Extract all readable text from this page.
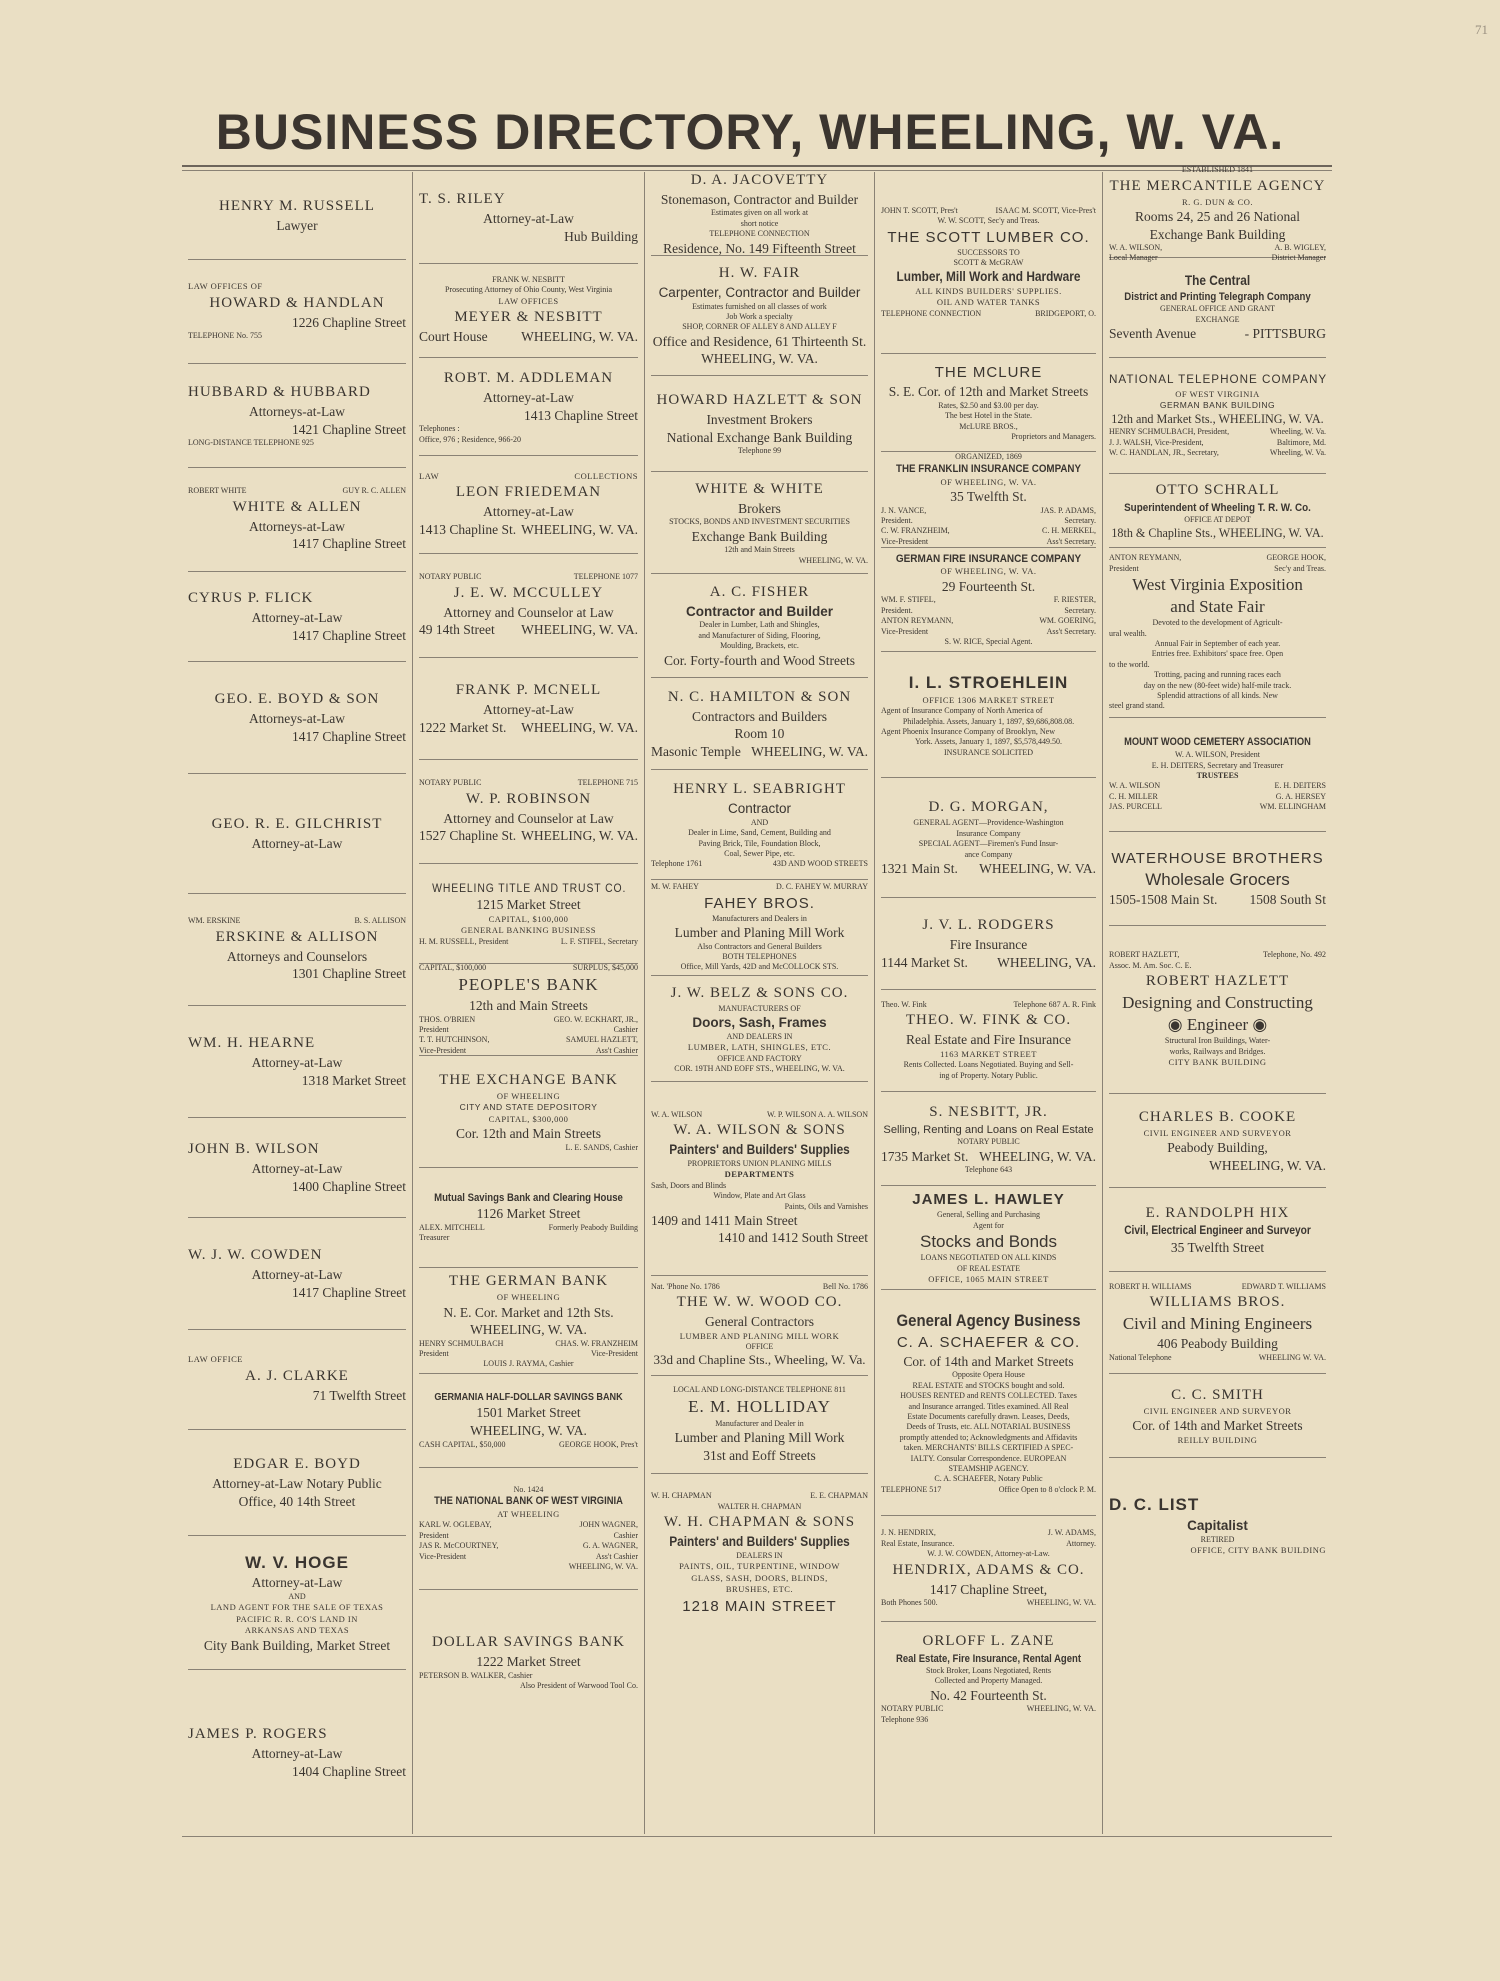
71
BUSINESS DIRECTORY, WHEELING, W. VA.
HENRY M. RUSSELL
Lawyer
LAW OFFICES OF
HOWARD & HANDLAN
1226 Chapline Street
TELEPHONE No. 755
HUBBARD & HUBBARD
Attorneys-at-Law
1421 Chapline Street
LONG-DISTANCE TELEPHONE 925
ROBERT WHITE	GUY R. C. ALLEN
WHITE & ALLEN
Attorneys-at-Law
1417 Chapline Street
CYRUS P. FLICK
Attorney-at-Law
1417 Chapline Street
GEO. E. BOYD & SON
Attorneys-at-Law
1417 Chapline Street
GEO. R. E. GILCHRIST
Attorney-at-Law
WM. ERSKINE	B. S. ALLISON
ERSKINE & ALLISON
Attorneys and Counselors
1301 Chapline Street
WM. H. HEARNE
Attorney-at-Law
1318 Market Street
JOHN B. WILSON
Attorney-at-Law
1400 Chapline Street
W. J. W. COWDEN
Attorney-at-Law
1417 Chapline Street
LAW OFFICE
A. J. CLARKE
71 Twelfth Street
EDGAR E. BOYD
Attorney-at-Law Notary Public
Office, 40 14th Street
W. V. HOGE
Attorney-at-Law
AND
LAND AGENT FOR THE SALE OF TEXAS
PACIFIC R. R. CO'S LAND IN
ARKANSAS AND TEXAS
City Bank Building, Market Street
JAMES P. ROGERS
Attorney-at-Law
1404 Chapline Street
T. S. RILEY
Attorney-at-Law
Hub Building
FRANK W. NESBITT
Prosecuting Attorney of Ohio County, West Virginia
LAW OFFICES
MEYER & NESBITT
Court House WHEELING, W. VA.
ROBT. M. ADDLEMAN
Attorney-at-Law
1413 Chapline Street
Telephones :
Office, 976 ; Residence, 966-20
LAW	COLLECTIONS
LEON FRIEDEMAN
Attorney-at-Law
1413 Chapline St. WHEELING, W. VA.
NOTARY PUBLIC	TELEPHONE 1077
J. E. W. MCCULLEY
Attorney and Counselor at Law
49 14th Street WHEELING, W. VA.
FRANK P. MCNELL
Attorney-at-Law
1222 Market St. WHEELING, W. VA.
NOTARY PUBLIC	TELEPHONE 715
W. P. ROBINSON
Attorney and Counselor at Law
1527 Chapline St. WHEELING, W. VA.
WHEELING TITLE AND TRUST CO.
1215 Market Street
CAPITAL, $100,000
GENERAL BANKING BUSINESS
H. M. RUSSELL, President	L. F. STIFEL, Secretary
CAPITAL, $100,000	SURPLUS, $45,000
PEOPLE'S BANK
12th and Main Streets
THOS. O'BRIEN	GEO. W. ECKHART, JR.,
President	Cashier
T. T. HUTCHINSON,	SAMUEL HAZLETT,
Vice-President	Ass't Cashier
THE EXCHANGE BANK
OF WHEELING
CITY AND STATE DEPOSITORY
CAPITAL, $300,000
Cor. 12th and Main Streets
L. E. SANDS, Cashier
Mutual Savings Bank and Clearing House
1126 Market Street
ALEX. MITCHELL	Formerly Peabody Building
Treasurer
THE GERMAN BANK
OF WHEELING
N. E. Cor. Market and 12th Sts.
WHEELING, W. VA.
HENRY SCHMULBACH	CHAS. W. FRANZHEIM
President	Vice-President
LOUIS J. RAYMA, Cashier
GERMANIA HALF-DOLLAR SAVINGS BANK
1501 Market Street
WHEELING, W. VA.
CASH CAPITAL, $50,000	GEORGE HOOK, Pres't
No. 1424
THE NATIONAL BANK OF WEST VIRGINIA
AT WHEELING
KARL W. OGLEBAY,	JOHN WAGNER,
President	Cashier
JAS R. McCOURTNEY,	G. A. WAGNER,
Vice-President	Ass't Cashier
WHEELING, W. VA.
DOLLAR SAVINGS BANK
1222 Market Street
PETERSON B. WALKER, Cashier
Also President of Warwood Tool Co.
D. A. JACOVETTY
Stonemason, Contractor and Builder
Estimates given on all work at
short notice
TELEPHONE CONNECTION
Residence, No. 149 Fifteenth Street
H. W. FAIR
Carpenter, Contractor and Builder
Estimates furnished on all classes of work
Job Work a specialty
SHOP, CORNER OF ALLEY 8 AND ALLEY F
Office and Residence, 61 Thirteenth St.
WHEELING, W. VA.
HOWARD HAZLETT & SON
Investment Brokers
National Exchange Bank Building
Telephone 99
WHITE & WHITE
Brokers
STOCKS, BONDS AND INVESTMENT SECURITIES
Exchange Bank Building
12th and Main Streets
WHEELING, W. VA.
A. C. FISHER
Contractor and Builder
Dealer in Lumber, Lath and Shingles,
and Manufacturer of Siding, Flooring,
Moulding, Brackets, etc.
Cor. Forty-fourth and Wood Streets
N. C. HAMILTON & SON
Contractors and Builders
Room 10
Masonic Temple WHEELING, W. VA.
HENRY L. SEABRIGHT
Contractor
AND
Dealer in Lime, Sand, Cement, Building and
Paving Brick, Tile, Foundation Block,
Coal, Sewer Pipe, etc.
Telephone 1761	43D AND WOOD STREETS
M. W. FAHEY	D. C. FAHEY W. MURRAY
FAHEY BROS.
Manufacturers and Dealers in
Lumber and Planing Mill Work
Also Contractors and General Builders
BOTH TELEPHONES
Office, Mill Yards, 42D and McCOLLOCK STS.
J. W. BELZ & SONS CO.
MANUFACTURERS OF
Doors, Sash, Frames
AND DEALERS IN
LUMBER, LATH, SHINGLES, ETC.
OFFICE AND FACTORY
COR. 19TH AND EOFF STS., WHEELING, W. VA.
W. A. WILSON	W. P. WILSON A. A. WILSON
W. A. WILSON & SONS
Painters' and Builders' Supplies
PROPRIETORS UNION PLANING MILLS
DEPARTMENTS
Sash, Doors and Blinds
Window, Plate and Art Glass
Paints, Oils and Varnishes
1409 and 1411 Main Street
1410 and 1412 South Street
Nat. 'Phone No. 1786	Bell No. 1786
THE W. W. WOOD CO.
General Contractors
LUMBER AND PLANING MILL WORK
OFFICE
33d and Chapline Sts., Wheeling, W. Va.
LOCAL AND LONG-DISTANCE TELEPHONE 811
E. M. HOLLIDAY
Manufacturer and Dealer in
Lumber and Planing Mill Work
31st and Eoff Streets
W. H. CHAPMAN	E. E. CHAPMAN
WALTER H. CHAPMAN
W. H. CHAPMAN & SONS
Painters' and Builders' Supplies
DEALERS IN
PAINTS, OIL, TURPENTINE, WINDOW
GLASS, SASH, DOORS, BLINDS,
BRUSHES, ETC.
1218 MAIN STREET
JOHN T. SCOTT, Pres't	ISAAC M. SCOTT, Vice-Pres't
W. W. SCOTT, Sec'y and Treas.
THE SCOTT LUMBER CO.
SUCCESSORS TO
SCOTT & McGRAW
Lumber, Mill Work and Hardware
ALL KINDS BUILDERS' SUPPLIES.
OIL AND WATER TANKS
TELEPHONE CONNECTION	BRIDGEPORT, O.
THE MCLURE
S. E. Cor. of 12th and Market Streets
Rates, $2.50 and $3.00 per day.
The best Hotel in the State.
McLURE BROS.,
Proprietors and Managers.
ORGANIZED, 1869
THE FRANKLIN INSURANCE COMPANY
OF WHEELING, W. VA.
35 Twelfth St.
J. N. VANCE,	JAS. P. ADAMS,
President.	Secretary.
C. W. FRANZHEIM,	C. H. MERKEL,
Vice-President	Ass't Secretary.
GERMAN FIRE INSURANCE COMPANY
OF WHEELING, W. VA.
29 Fourteenth St.
WM. F. STIFEL,	F. RIESTER,
President.	Secretary.
ANTON REYMANN,	WM. GOERING,
Vice-President	Ass't Secretary.
S. W. RICE, Special Agent.
I. L. STROEHLEIN
OFFICE 1306 MARKET STREET
Agent of Insurance Company of North America of
Philadelphia. Assets, January 1, 1897, $9,686,808.08.
Agent Phoenix Insurance Company of Brooklyn, New
York. Assets, January 1, 1897, $5,578,449.50.
INSURANCE SOLICITED
D. G. MORGAN,
GENERAL AGENT—Providence-Washington
Insurance Company
SPECIAL AGENT—Firemen's Fund Insur-
ance Company
1321 Main St. WHEELING, W. VA.
J. V. L. RODGERS
Fire Insurance
1144 Market St. WHEELING, VA.
Theo. W. Fink	Telephone 687 A. R. Fink
THEO. W. FINK & CO.
Real Estate and Fire Insurance
1163 MARKET STREET
Rents Collected. Loans Negotiated. Buying and Sell-
ing of Property. Notary Public.
S. NESBITT, JR.
Selling, Renting and Loans on Real Estate
NOTARY PUBLIC
1735 Market St. WHEELING, W. VA.
Telephone 643
JAMES L. HAWLEY
General, Selling and Purchasing
Agent for
Stocks and Bonds
LOANS NEGOTIATED ON ALL KINDS
OF REAL ESTATE
OFFICE, 1065 MAIN STREET
General Agency Business
C. A. SCHAEFER & CO.
Cor. of 14th and Market Streets
Opposite Opera House
REAL ESTATE and STOCKS bought and sold.
HOUSES RENTED and RENTS COLLECTED. Taxes
and Insurance arranged. Titles examined. All Real
Estate Documents carefully drawn. Leases, Deeds,
Deeds of Trusts, etc. ALL NOTARIAL BUSINESS
promptly attended to; Acknowledgments and Affidavits
taken. MERCHANTS' BILLS CERTIFIED A SPEC-
IALTY. Consular Correspondence. EUROPEAN
STEAMSHIP AGENCY.
C. A. SCHAEFER, Notary Public
TELEPHONE 517	Office Open to 8 o'clock P. M.
J. N. HENDRIX,	J. W. ADAMS,
Real Estate, Insurance.	Attorney.
W. J. W. COWDEN, Attorney-at-Law.
HENDRIX, ADAMS & CO.
1417 Chapline Street,
Both Phones 500.	WHEELING, W. VA.
ORLOFF L. ZANE
Real Estate, Fire Insurance, Rental Agent
Stock Broker, Loans Negotiated, Rents
Collected and Property Managed.
No. 42 Fourteenth St.
NOTARY PUBLIC	WHEELING, W. VA.
Telephone 936
ESTABLISHED 1841
THE MERCANTILE AGENCY
R. G. DUN & CO.
Rooms 24, 25 and 26 National
Exchange Bank Building
W. A. WILSON,	A. B. WIGLEY,
Local Manager	District Manager
The Central
District and Printing Telegraph Company
GENERAL OFFICE AND GRANT
EXCHANGE
Seventh Avenue	- PITTSBURG
NATIONAL TELEPHONE COMPANY
OF WEST VIRGINIA
GERMAN BANK BUILDING
12th and Market Sts., WHEELING, W. VA.
HENRY SCHMULBACH, President,	Wheeling, W. Va.
J. J. WALSH, Vice-President,	Baltimore, Md.
W. C. HANDLAN, JR., Secretary,	Wheeling, W. Va.
OTTO SCHRALL
Superintendent of Wheeling T. R. W. Co.
OFFICE AT DEPOT
18th & Chapline Sts., WHEELING, W. VA.
ANTON REYMANN,	GEORGE HOOK,
President	Sec'y and Treas.
West Virginia Exposition
and State Fair
Devoted to the development of Agricult-
ural wealth.
Annual Fair in September of each year.
Entries free. Exhibitors' space free. Open
to the world.
Trotting, pacing and running races each
day on the new (80-feet wide) half-mile track.
Splendid attractions of all kinds. New
steel grand stand.
MOUNT WOOD CEMETERY ASSOCIATION
W. A. WILSON, President
E. H. DEITERS, Secretary and Treasurer
TRUSTEES
W. A. WILSON	E. H. DEITERS
C. H. MILLER	G. A. HERSEY
JAS. PURCELL	WM. ELLINGHAM
WATERHOUSE BROTHERS
Wholesale Grocers
1505-1508 Main St. 1508 South St
ROBERT HAZLETT,	Telephone, No. 492
Assoc. M. Am. Soc. C. E.
ROBERT HAZLETT
Designing and Constructing
◉ Engineer ◉
Structural Iron Buildings, Water-
works, Railways and Bridges.
CITY BANK BUILDING
CHARLES B. COOKE
CIVIL ENGINEER AND SURVEYOR
Peabody Building,
WHEELING, W. VA.
E. RANDOLPH HIX
Civil, Electrical Engineer and Surveyor
35 Twelfth Street
ROBERT H. WILLIAMS	EDWARD T. WILLIAMS
WILLIAMS BROS.
Civil and Mining Engineers
406 Peabody Building
National Telephone	WHEELING W. VA.
C. C. SMITH
CIVIL ENGINEER AND SURVEYOR
Cor. of 14th and Market Streets
REILLY BUILDING
D. C. LIST
Capitalist
RETIRED
OFFICE, CITY BANK BUILDING
